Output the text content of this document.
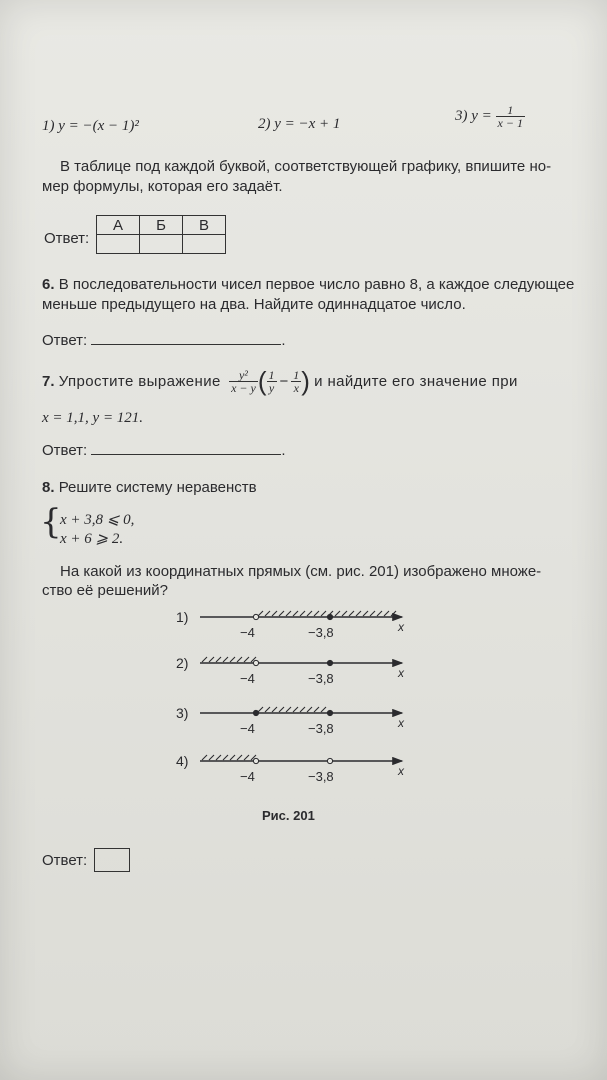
1) y = −(x − 1)²	2) y = −x + 1	3) $y = \frac{1}{x - 1}$
В таблице под каждой буквой, соответствующей графику, впишите но-
мер формулы, которая его задаёт.
Ответ:
А	Б	В

6. В последовательности чисел первое число равно 8, а каждое следующее
меньше предыдущего на два. Найдите одиннадцатое число.
Ответ:	.
7.
Упростите выражение
$\frac{\text{y²}}{x - y}$ ( $\frac{1}{y} - \frac{1}{x}$ )
и найдите его значение при
x = 1,1, y = 121.
Ответ:	.
8. Решите систему неравенств
{
x + 3,8 ⩽ 0,
x + 6 ⩾ 2.
На какой из координатных прямых (см. рис. 201) изображено множе-
ство её решений?
1)
−4	−3,8	x
2)
−4	−3,8	x
3)
−4	−3,8	x
4)
−4	−3,8	x
Рис. 201
Ответ:
